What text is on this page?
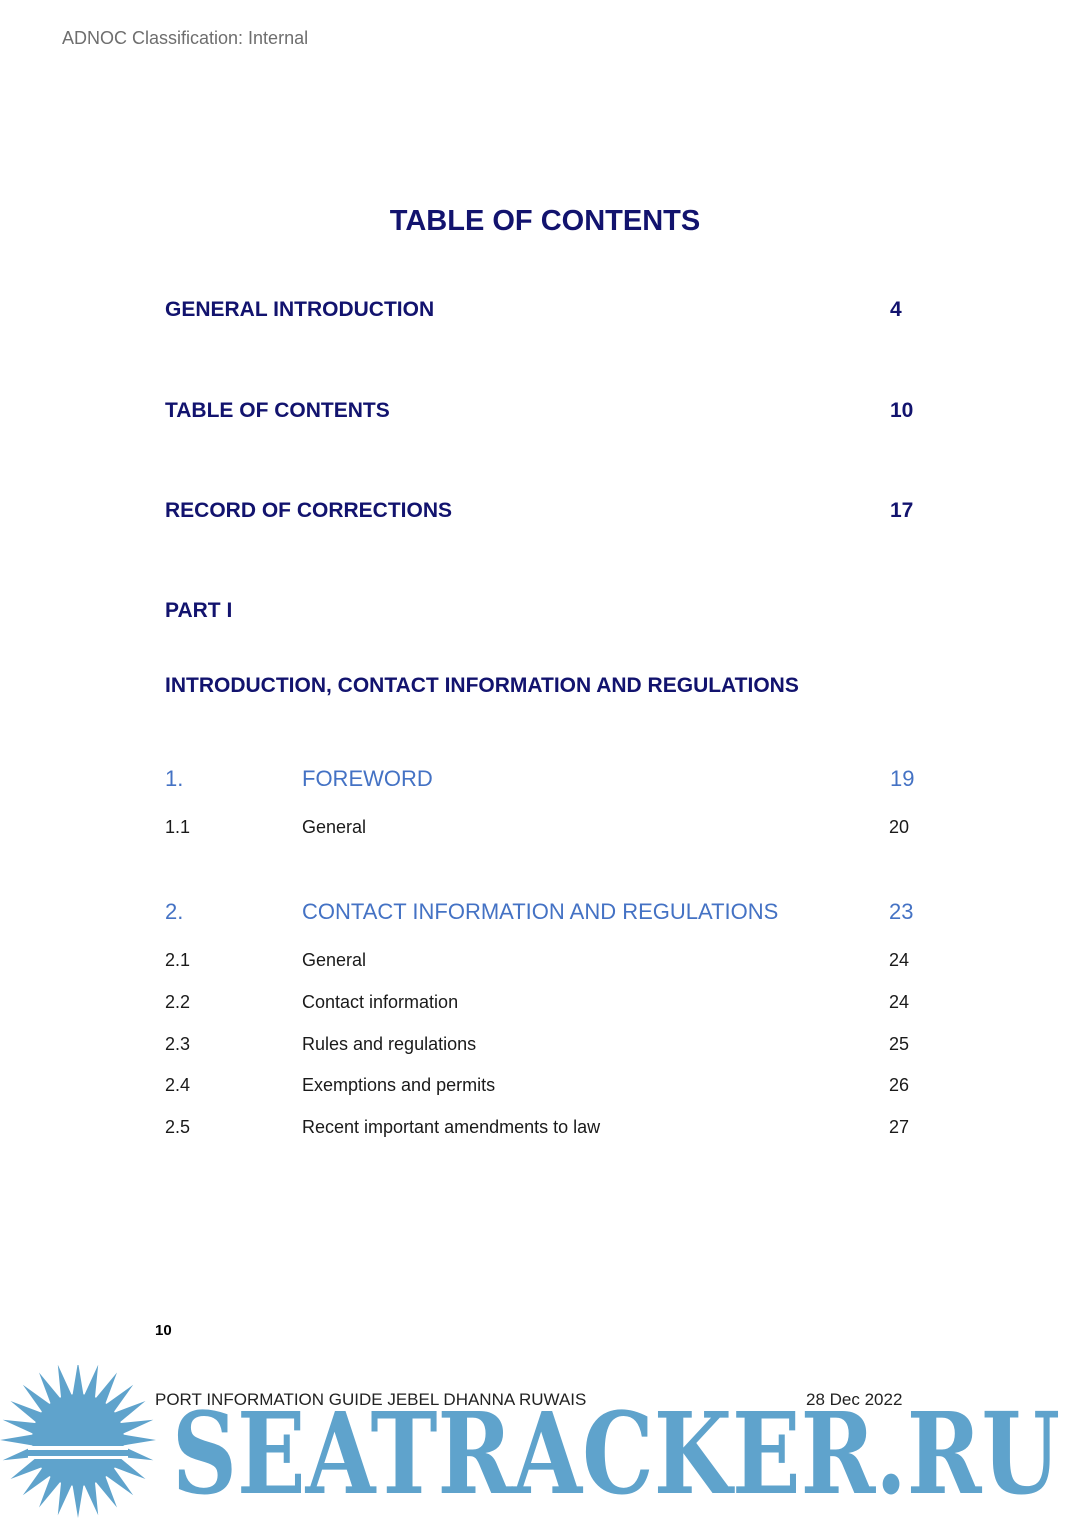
ADNOC Classification: Internal
TABLE OF CONTENTS
GENERAL INTRODUCTION	4
TABLE OF CONTENTS	10
RECORD OF CORRECTIONS	17
PART I
INTRODUCTION, CONTACT INFORMATION AND REGULATIONS
1.	FOREWORD	19
1.1	General	20
2.	CONTACT INFORMATION AND REGULATIONS	23
2.1	General	24
2.2	Contact information	24
2.3	Rules and regulations	25
2.4	Exemptions and permits	26
2.5	Recent important amendments to law	27
10
PORT INFORMATION GUIDE JEBEL DHANNA RUWAIS	28 Dec 2022
SEATRACKER.RU
